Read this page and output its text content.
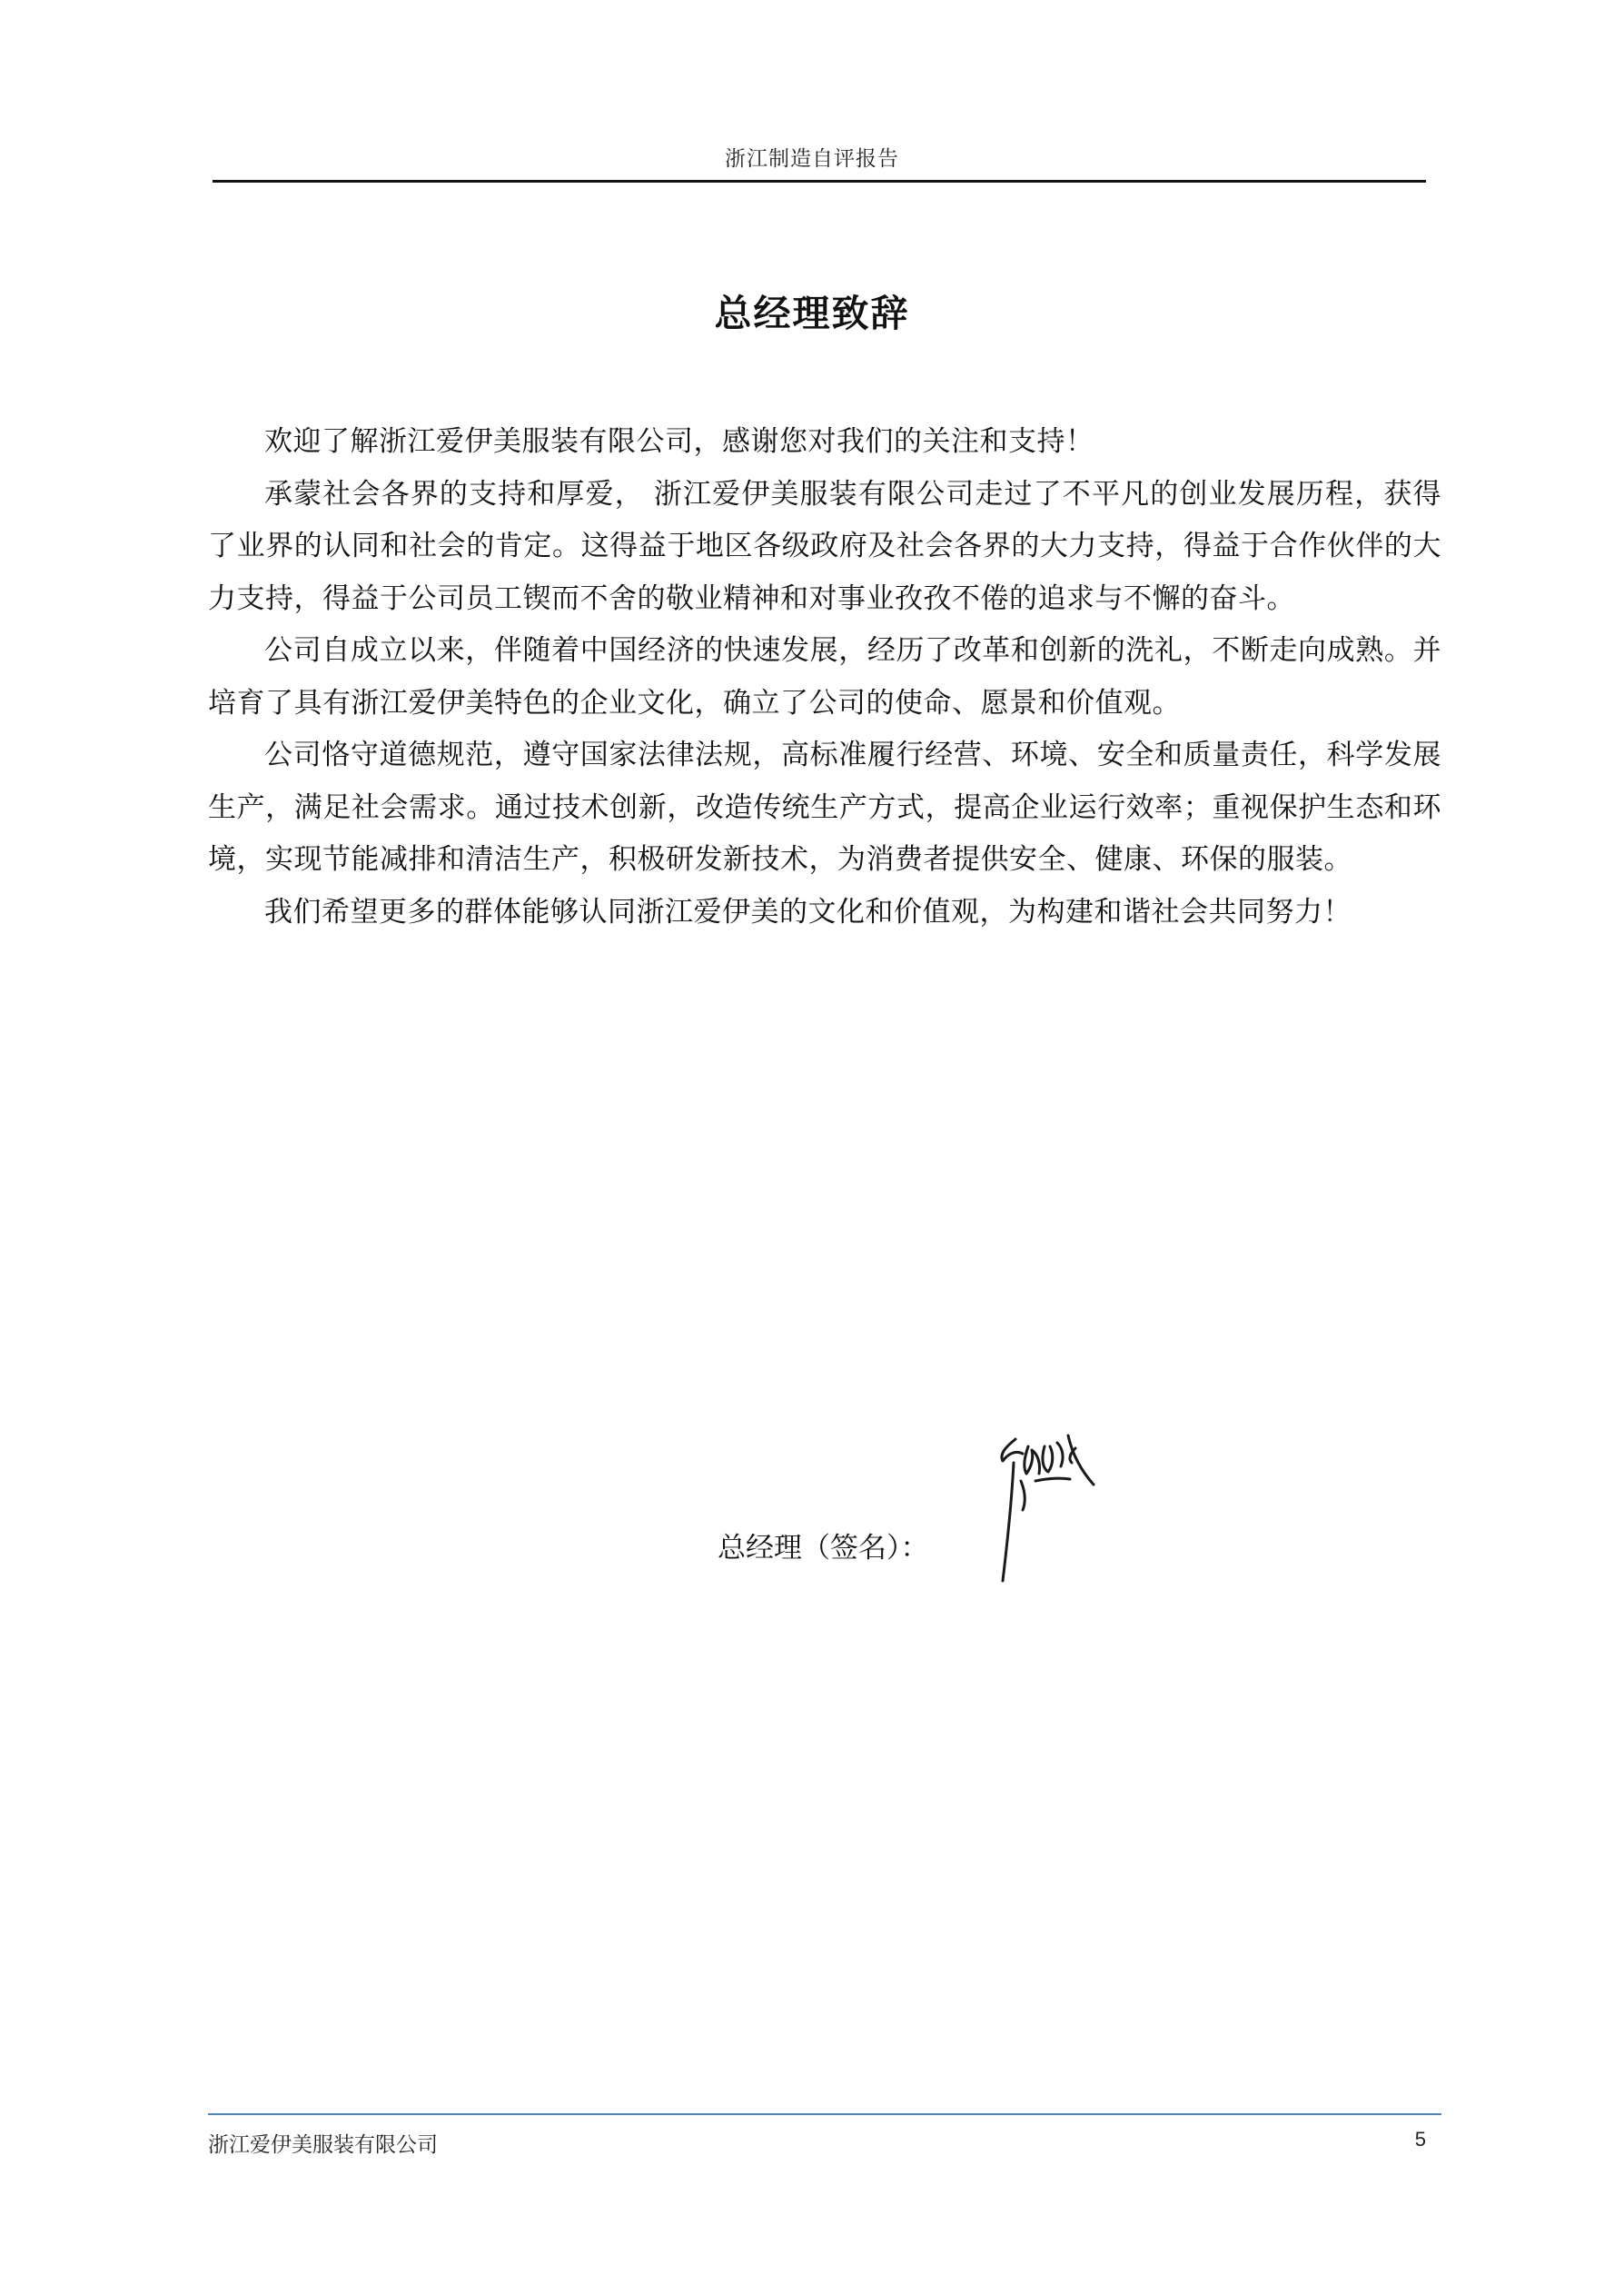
浙江制造自评报告
总经理致辞

欢迎了解浙江爱伊美服装有限公司，感谢您对我们的关注和支持！

承蒙社会各界的支持和厚爱， 浙江爱伊美服装有限公司走过了不平凡的创业发展历程，获得了业界的认同和社会的肯定。这得益于地区各级政府及社会各界的大力支持，得益于合作伙伴的大力支持，得益于公司员工锲而不舍的敬业精神和对事业孜孜不倦的追求与不懈的奋斗。

公司自成立以来，伴随着中国经济的快速发展，经历了改革和创新的洗礼，不断走向成熟。并培育了具有浙江爱伊美特色的企业文化，确立了公司的使命、愿景和价值观。

公司恪守道德规范，遵守国家法律法规，高标准履行经营、环境、安全和质量责任，科学发展生产，满足社会需求。通过技术创新，改造传统生产方式，提高企业运行效率；重视保护生态和环境，实现节能减排和清洁生产，积极研发新技术，为消费者提供安全、健康、环保的服装。

我们希望更多的群体能够认同浙江爱伊美的文化和价值观，为构建和谐社会共同努力！

总经理（签名）：
浙江爱伊美服装有限公司	5
